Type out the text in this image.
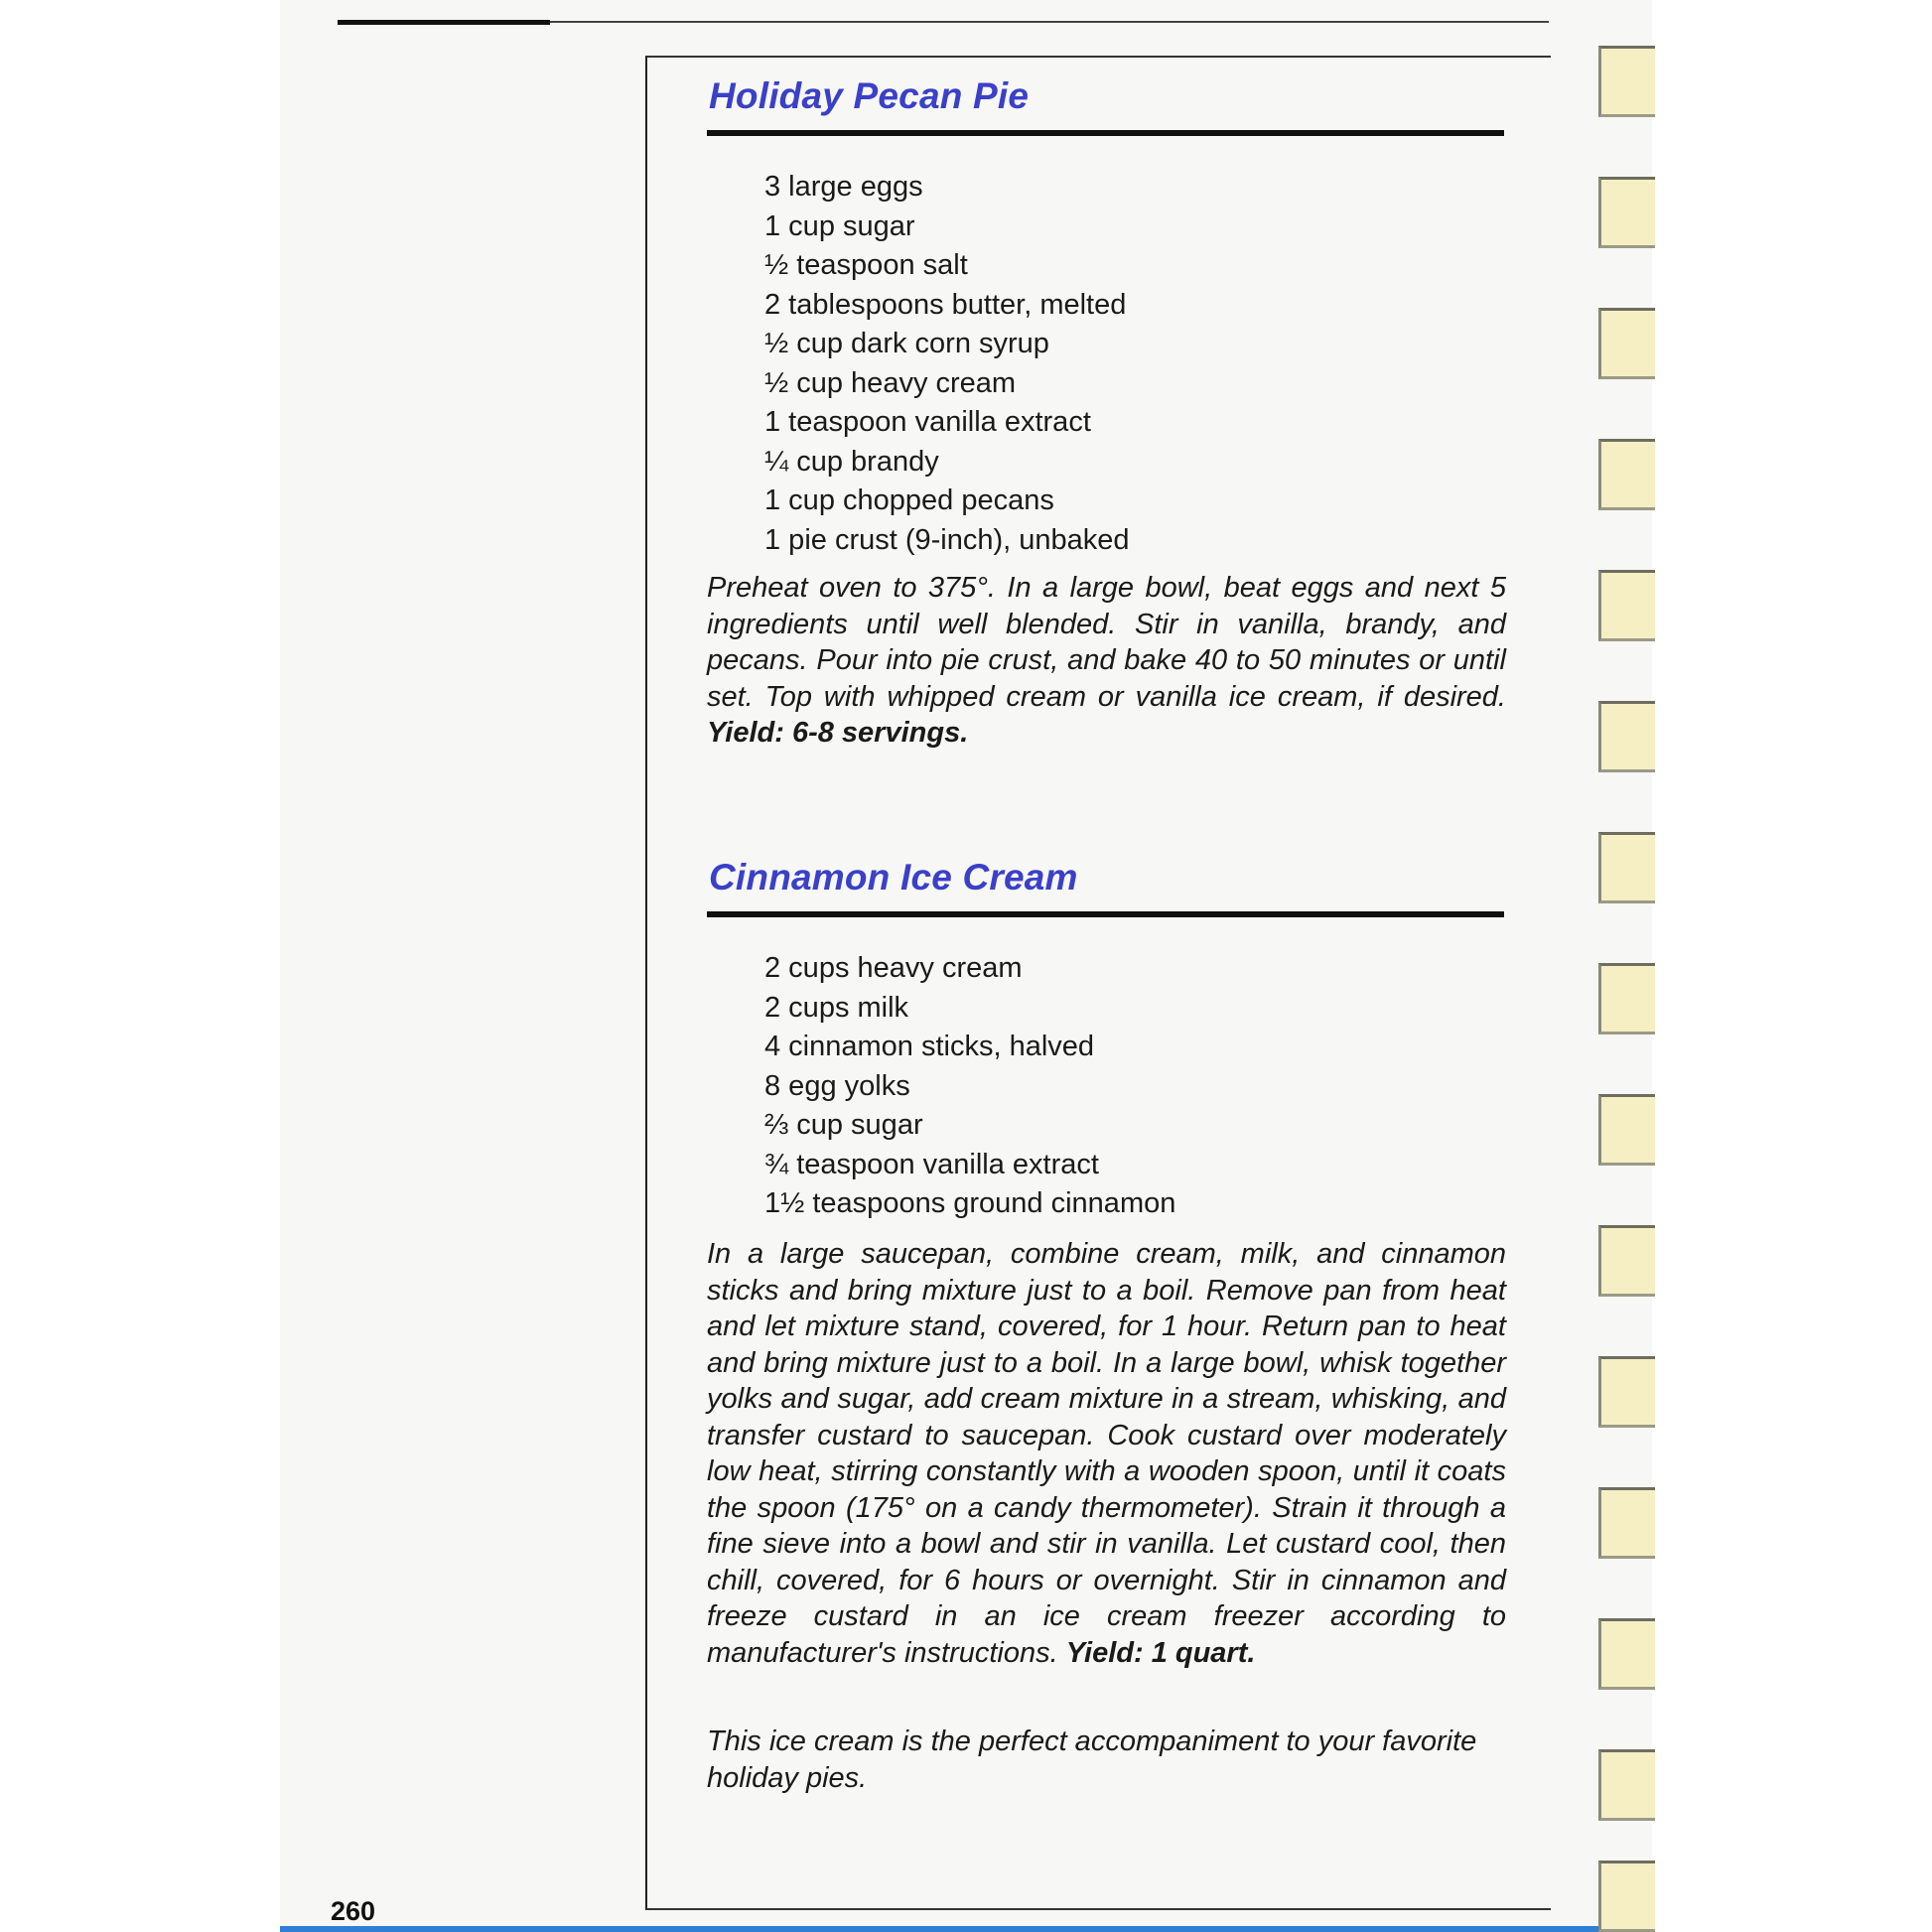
Holiday Pecan Pie
3 large eggs
1 cup sugar
½ teaspoon salt
2 tablespoons butter, melted
½ cup dark corn syrup
½ cup heavy cream
1 teaspoon vanilla extract
¼ cup brandy
1 cup chopped pecans
1 pie crust (9-inch), unbaked

Preheat oven to 375°. In a large bowl, beat eggs and next 5 ingredients until well blended. Stir in vanilla, brandy, and pecans. Pour into pie crust, and bake 40 to 50 minutes or until set. Top with whipped cream or vanilla ice cream, if desired. Yield: 6-8 servings.

Cinnamon Ice Cream
2 cups heavy cream
2 cups milk
4 cinnamon sticks, halved
8 egg yolks
⅔ cup sugar
¾ teaspoon vanilla extract
1½ teaspoons ground cinnamon

In a large saucepan, combine cream, milk, and cinnamon sticks and bring mixture just to a boil. Remove pan from heat and let mixture stand, covered, for 1 hour. Return pan to heat and bring mixture just to a boil. In a large bowl, whisk together yolks and sugar, add cream mixture in a stream, whisking, and transfer custard to saucepan. Cook custard over moderately low heat, stirring constantly with a wooden spoon, until it coats the spoon (175° on a candy thermometer). Strain it through a fine sieve into a bowl and stir in vanilla. Let custard cool, then chill, covered, for 6 hours or overnight. Stir in cinnamon and freeze custard in an ice cream freezer according to manufacturer's instructions. Yield: 1 quart.

This ice cream is the perfect accompaniment to your favorite holiday pies.

260
